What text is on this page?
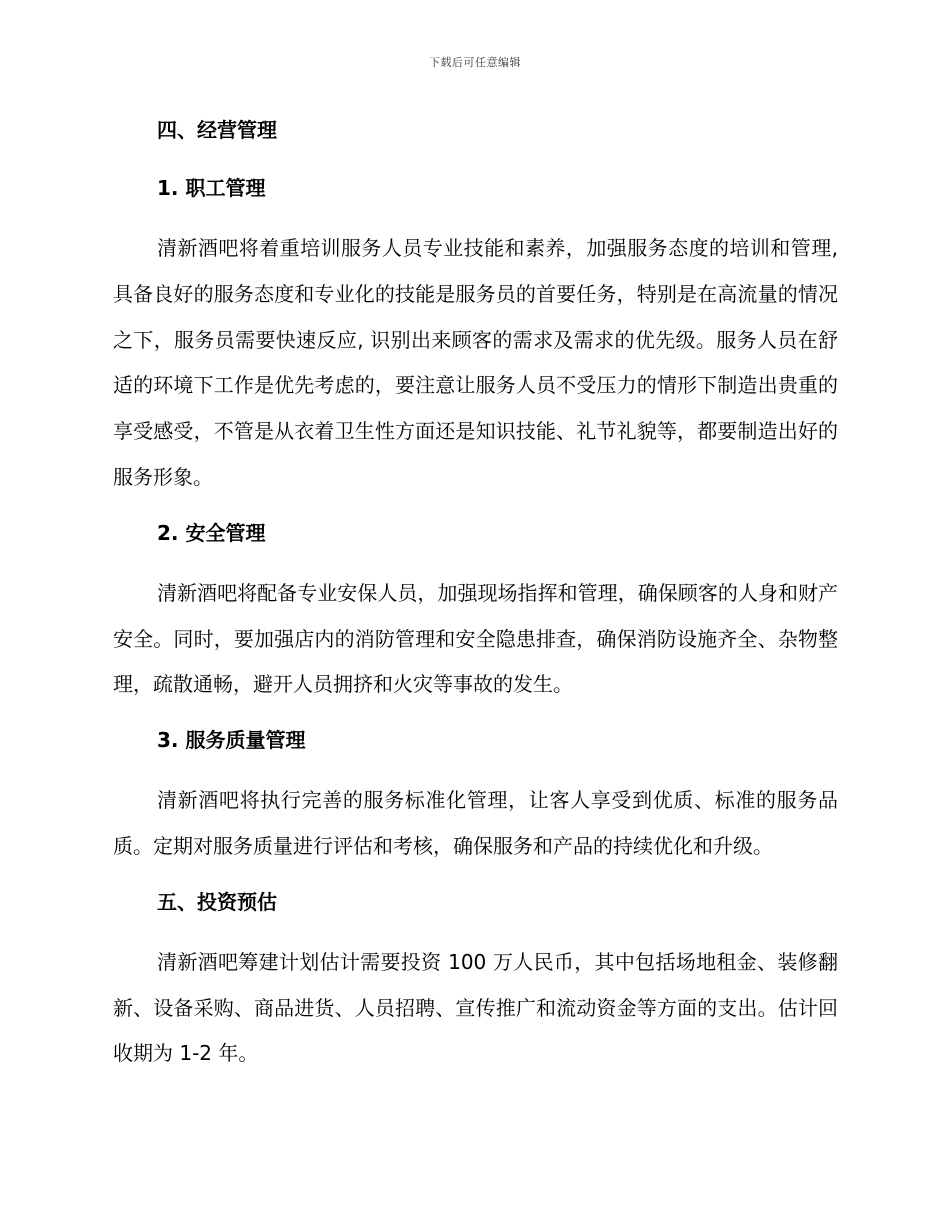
下载后可任意编辑
四、经营管理
1. 职工管理

清新酒吧将着重培训服务人员专业技能和素养，加强服务态度的培训和管理,具备良好的服务态度和专业化的技能是服务员的首要任务，特别是在高流量的情况之下，服务员需要快速反应, 识别出来顾客的需求及需求的优先级。服务人员在舒适的环境下工作是优先考虑的，要注意让服务人员不受压力的情形下制造出贵重的享受感受，不管是从衣着卫生性方面还是知识技能、礼节礼貌等，都要制造出好的服务形象。

2. 安全管理

清新酒吧将配备专业安保人员，加强现场指挥和管理，确保顾客的人身和财产安全。同时，要加强店内的消防管理和安全隐患排查，确保消防设施齐全、杂物整理，疏散通畅，避开人员拥挤和火灾等事故的发生。

3. 服务质量管理

清新酒吧将执行完善的服务标准化管理，让客人享受到优质、标准的服务品质。定期对服务质量进行评估和考核，确保服务和产品的持续优化和升级。

五、投资预估

清新酒吧筹建计划估计需要投资 100 万人民币，其中包括场地租金、装修翻新、设备采购、商品进货、人员招聘、宣传推广和流动资金等方面的支出。估计回收期为 1-2 年。
